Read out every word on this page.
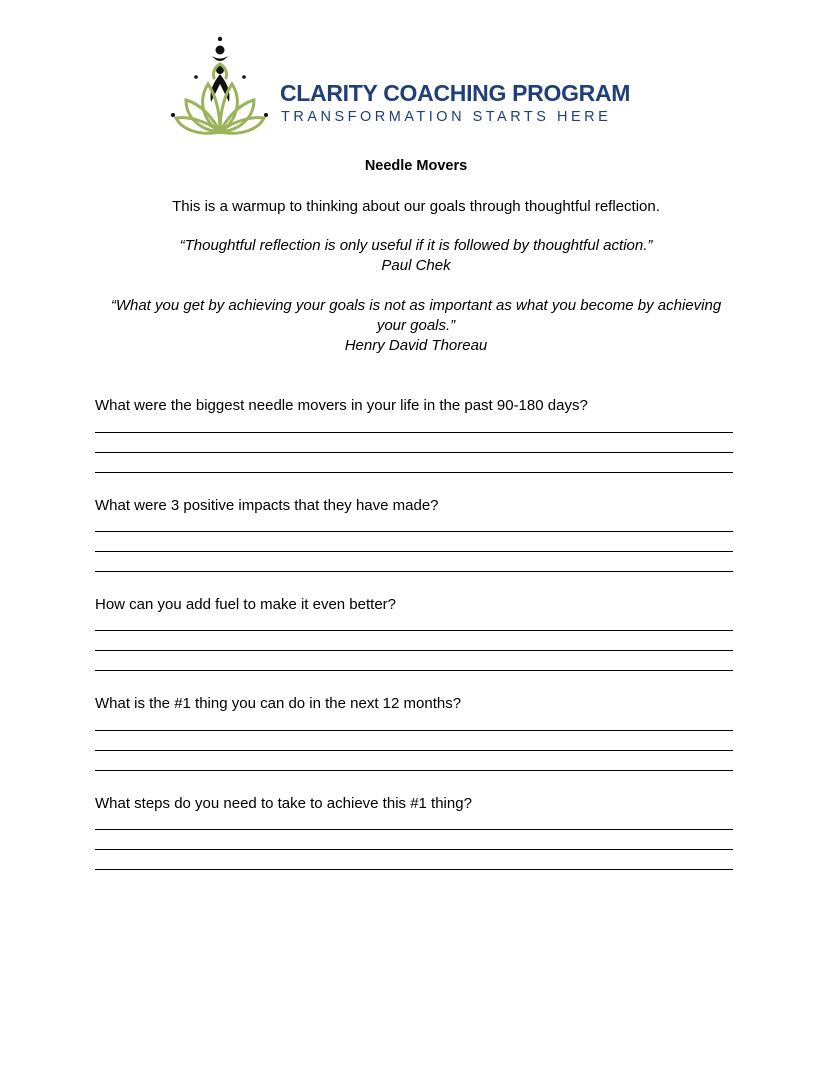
CLARITY COACHING PROGRAM
TRANSFORMATION STARTS HERE
Needle Movers

This is a warmup to thinking about our goals through thoughtful reflection.

“Thoughtful reflection is only useful if it is followed by thoughtful action.”

Paul Chek

“What you get by achieving your goals is not as important as what you become by achieving

your goals.”

Henry David Thoreau

What were the biggest needle movers in your life in the past 90-180 days?
What were 3 positive impacts that they have made?
How can you add fuel to make it even better?
What is the #1 thing you can do in the next 12 months?
What steps do you need to take to achieve this #1 thing?
